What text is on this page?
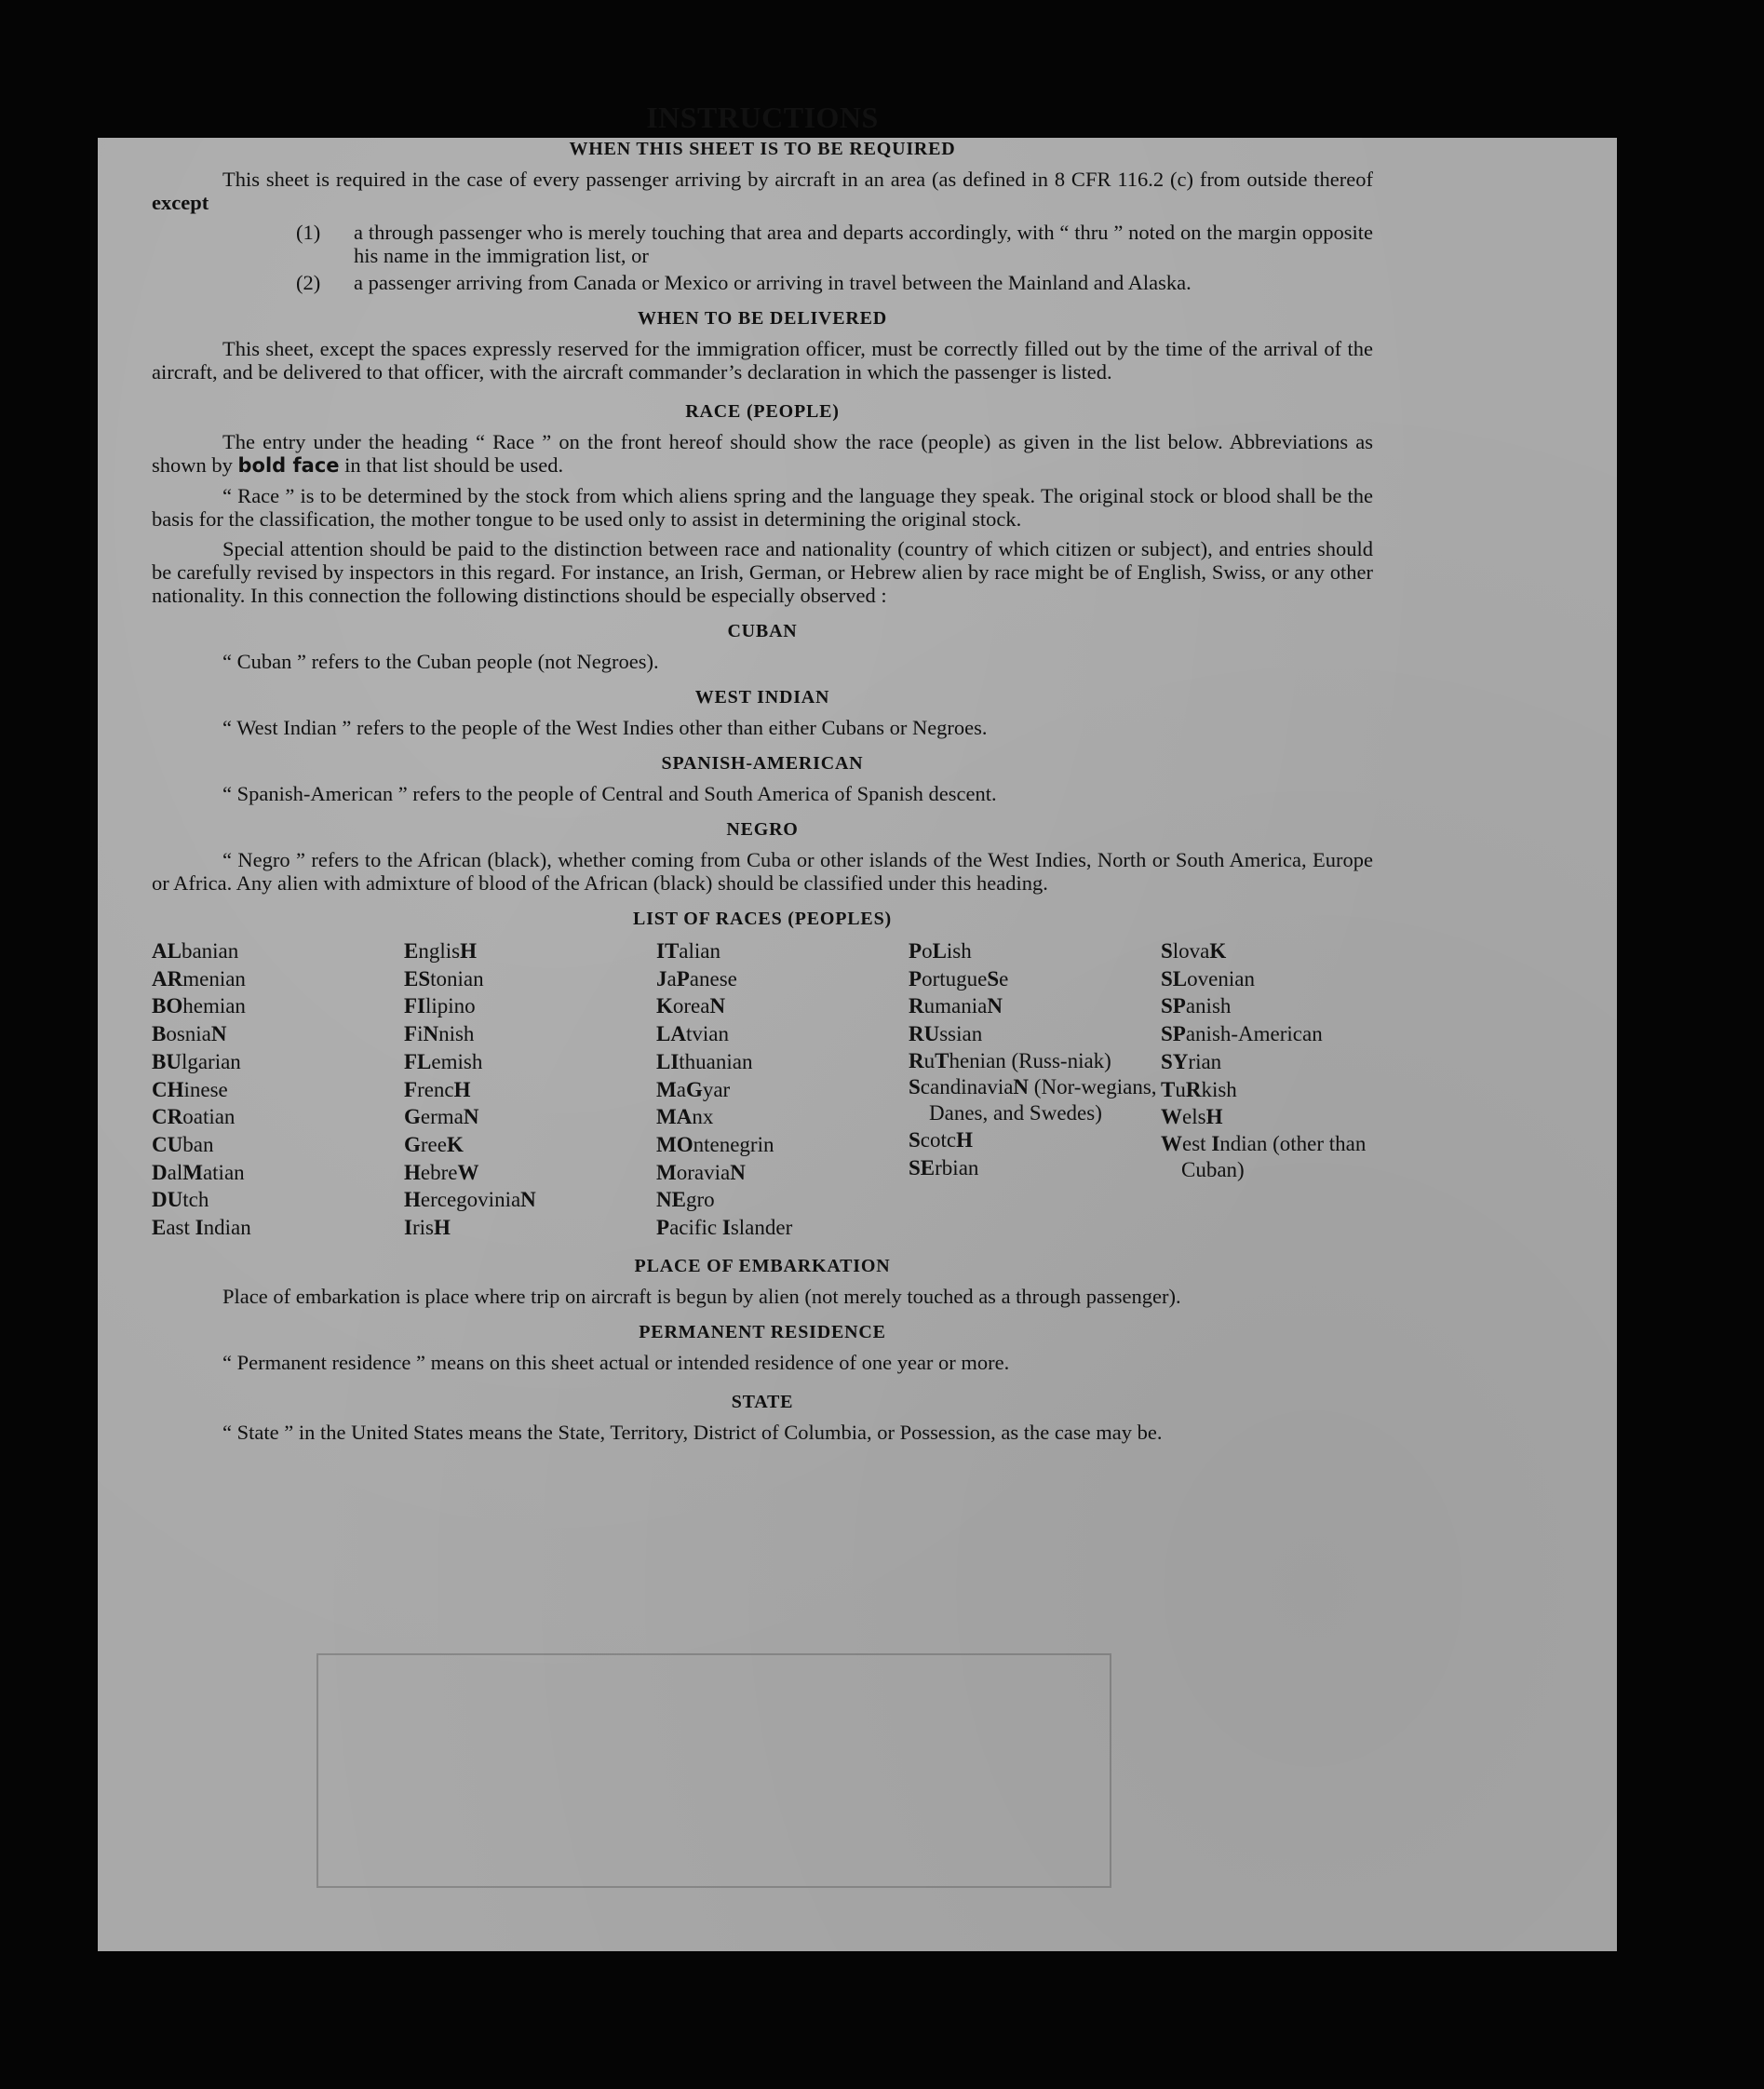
INSTRUCTIONS
WHEN THIS SHEET IS TO BE REQUIRED

This sheet is required in the case of every passenger arriving by aircraft in an area (as defined in 8 CFR 116.2 (c) from outside thereof except

(1)	a through passenger who is merely touching that area and departs accordingly, with “ thru ” noted on the margin opposite his name in the immigration list, or
(2)	a passenger arriving from Canada or Mexico or arriving in travel between the Mainland and Alaska.
WHEN TO BE DELIVERED

This sheet, except the spaces expressly reserved for the immigration officer, must be correctly filled out by the time of the arrival of the aircraft, and be delivered to that officer, with the aircraft commander’s declaration in which the passenger is listed.

RACE (PEOPLE)

The entry under the heading “ Race ” on the front hereof should show the race (people) as given in the list below. Abbreviations as shown by bold face in that list should be used.

“ Race ” is to be determined by the stock from which aliens spring and the language they speak. The original stock or blood shall be the basis for the classification, the mother tongue to be used only to assist in determining the original stock.

Special attention should be paid to the distinction between race and nationality (country of which citizen or subject), and entries should be carefully revised by inspectors in this regard. For instance, an Irish, German, or Hebrew alien by race might be of English, Swiss, or any other nationality. In this connection the following distinctions should be especially observed :

CUBAN

“ Cuban ” refers to the Cuban people (not Negroes).

WEST INDIAN

“ West Indian ” refers to the people of the West Indies other than either Cubans or Negroes.

SPANISH-AMERICAN

“ Spanish-American ” refers to the people of Central and South America of Spanish descent.

NEGRO

“ Negro ” refers to the African (black), whether coming from Cuba or other islands of the West Indies, North or South America, Europe or Africa. Any alien with admixture of blood of the African (black) should be classified under this heading.

LIST OF RACES (PEOPLES)
ALbanian
ARmenian
BOhemian
BosniaN
BUlgarian
CHinese
CRoatian
CUban
DalMatian
DUtch
East Indian
EnglisH
EStonian
FIlipino
FiNnish
FLemish
FrencH
GermaN
GreeK
HebreW
HercegoviniaN
IrisH
ITalian
JaPanese
KoreaN
LAtvian
LIthuanian
MaGyar
MAnx
MOntenegrin
MoraviaN
NEgro
Pacific Islander
PoLish
PortugueSe
RumaniaN
RUssian
RuThenian (Russ-niak)
ScandinaviaN (Nor-wegians, Danes, and Swedes)
ScotcH
SErbian
SlovaK
SLovenian
SPanish
SPanish-American
SYrian
TuRkish
WelsH
West Indian (other than Cuban)
PLACE OF EMBARKATION

Place of embarkation is place where trip on aircraft is begun by alien (not merely touched as a through passenger).

PERMANENT RESIDENCE

“ Permanent residence ” means on this sheet actual or intended residence of one year or more.

STATE

“ State ” in the United States means the State, Territory, District of Columbia, or Possession, as the case may be.
